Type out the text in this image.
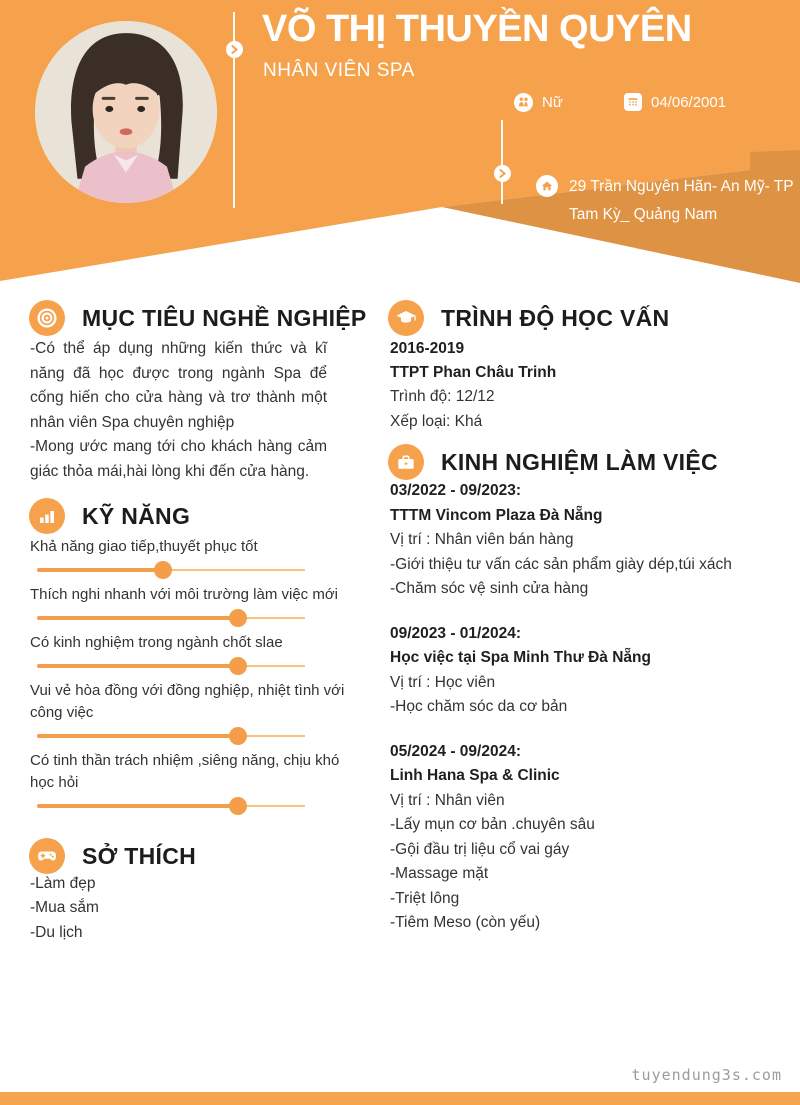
VÕ THỊ THUYỀN QUYÊN
NHÂN VIÊN SPA
Nữ	04/06/2001
29 Trần Nguyên Hãn- An Mỹ- TP
Tam Kỳ_ Quảng Nam
MỤC TIÊU NGHỀ NGHIỆP

-Có thể áp dụng những kiến thức và kĩ năng đã học được trong ngành Spa để cống hiến cho cửa hàng và trơ thành một nhân viên Spa chuyên nghiệp

-Mong ước mang tới cho khách hàng cảm giác thỏa mái,hài lòng khi đến cửa hàng.

KỸ NĂNG
Khả năng giao tiếp,thuyết phục tốt
Thích nghi nhanh với môi trường làm việc mới
Có kinh nghiệm trong ngành chốt slae
Vui vẻ hòa đồng với đồng nghiệp, nhiệt tình với công việc
Có tinh thần trách nhiệm ,siêng năng, chịu khó học hỏi
SỞ THÍCH
-Làm đẹp
-Mua sắm
-Du lịch
TRÌNH ĐỘ HỌC VẤN
2016-2019
TTPT Phan Châu Trinh
Trình độ: 12/12
Xếp loại: Khá
KINH NGHIỆM LÀM VIỆC
03/2022 - 09/2023:
TTTM Vincom Plaza Đà Nẵng
Vị trí : Nhân viên bán hàng
-Giới thiệu tư vấn các sản phẩm giày dép,túi xách
-Chăm sóc vệ sinh cửa hàng
09/2023 - 01/2024:
Học việc tại Spa Minh Thư Đà Nẵng
Vị trí : Học viên
-Học chăm sóc da cơ bản
05/2024 - 09/2024:
Linh Hana Spa & Clinic
Vị trí : Nhân viên
-Lấy mụn cơ bản .chuyên sâu
-Gội đầu trị liệu cổ vai gáy
-Massage mặt
-Triệt lông
-Tiêm Meso (còn yếu)
tuyendung3s.com
